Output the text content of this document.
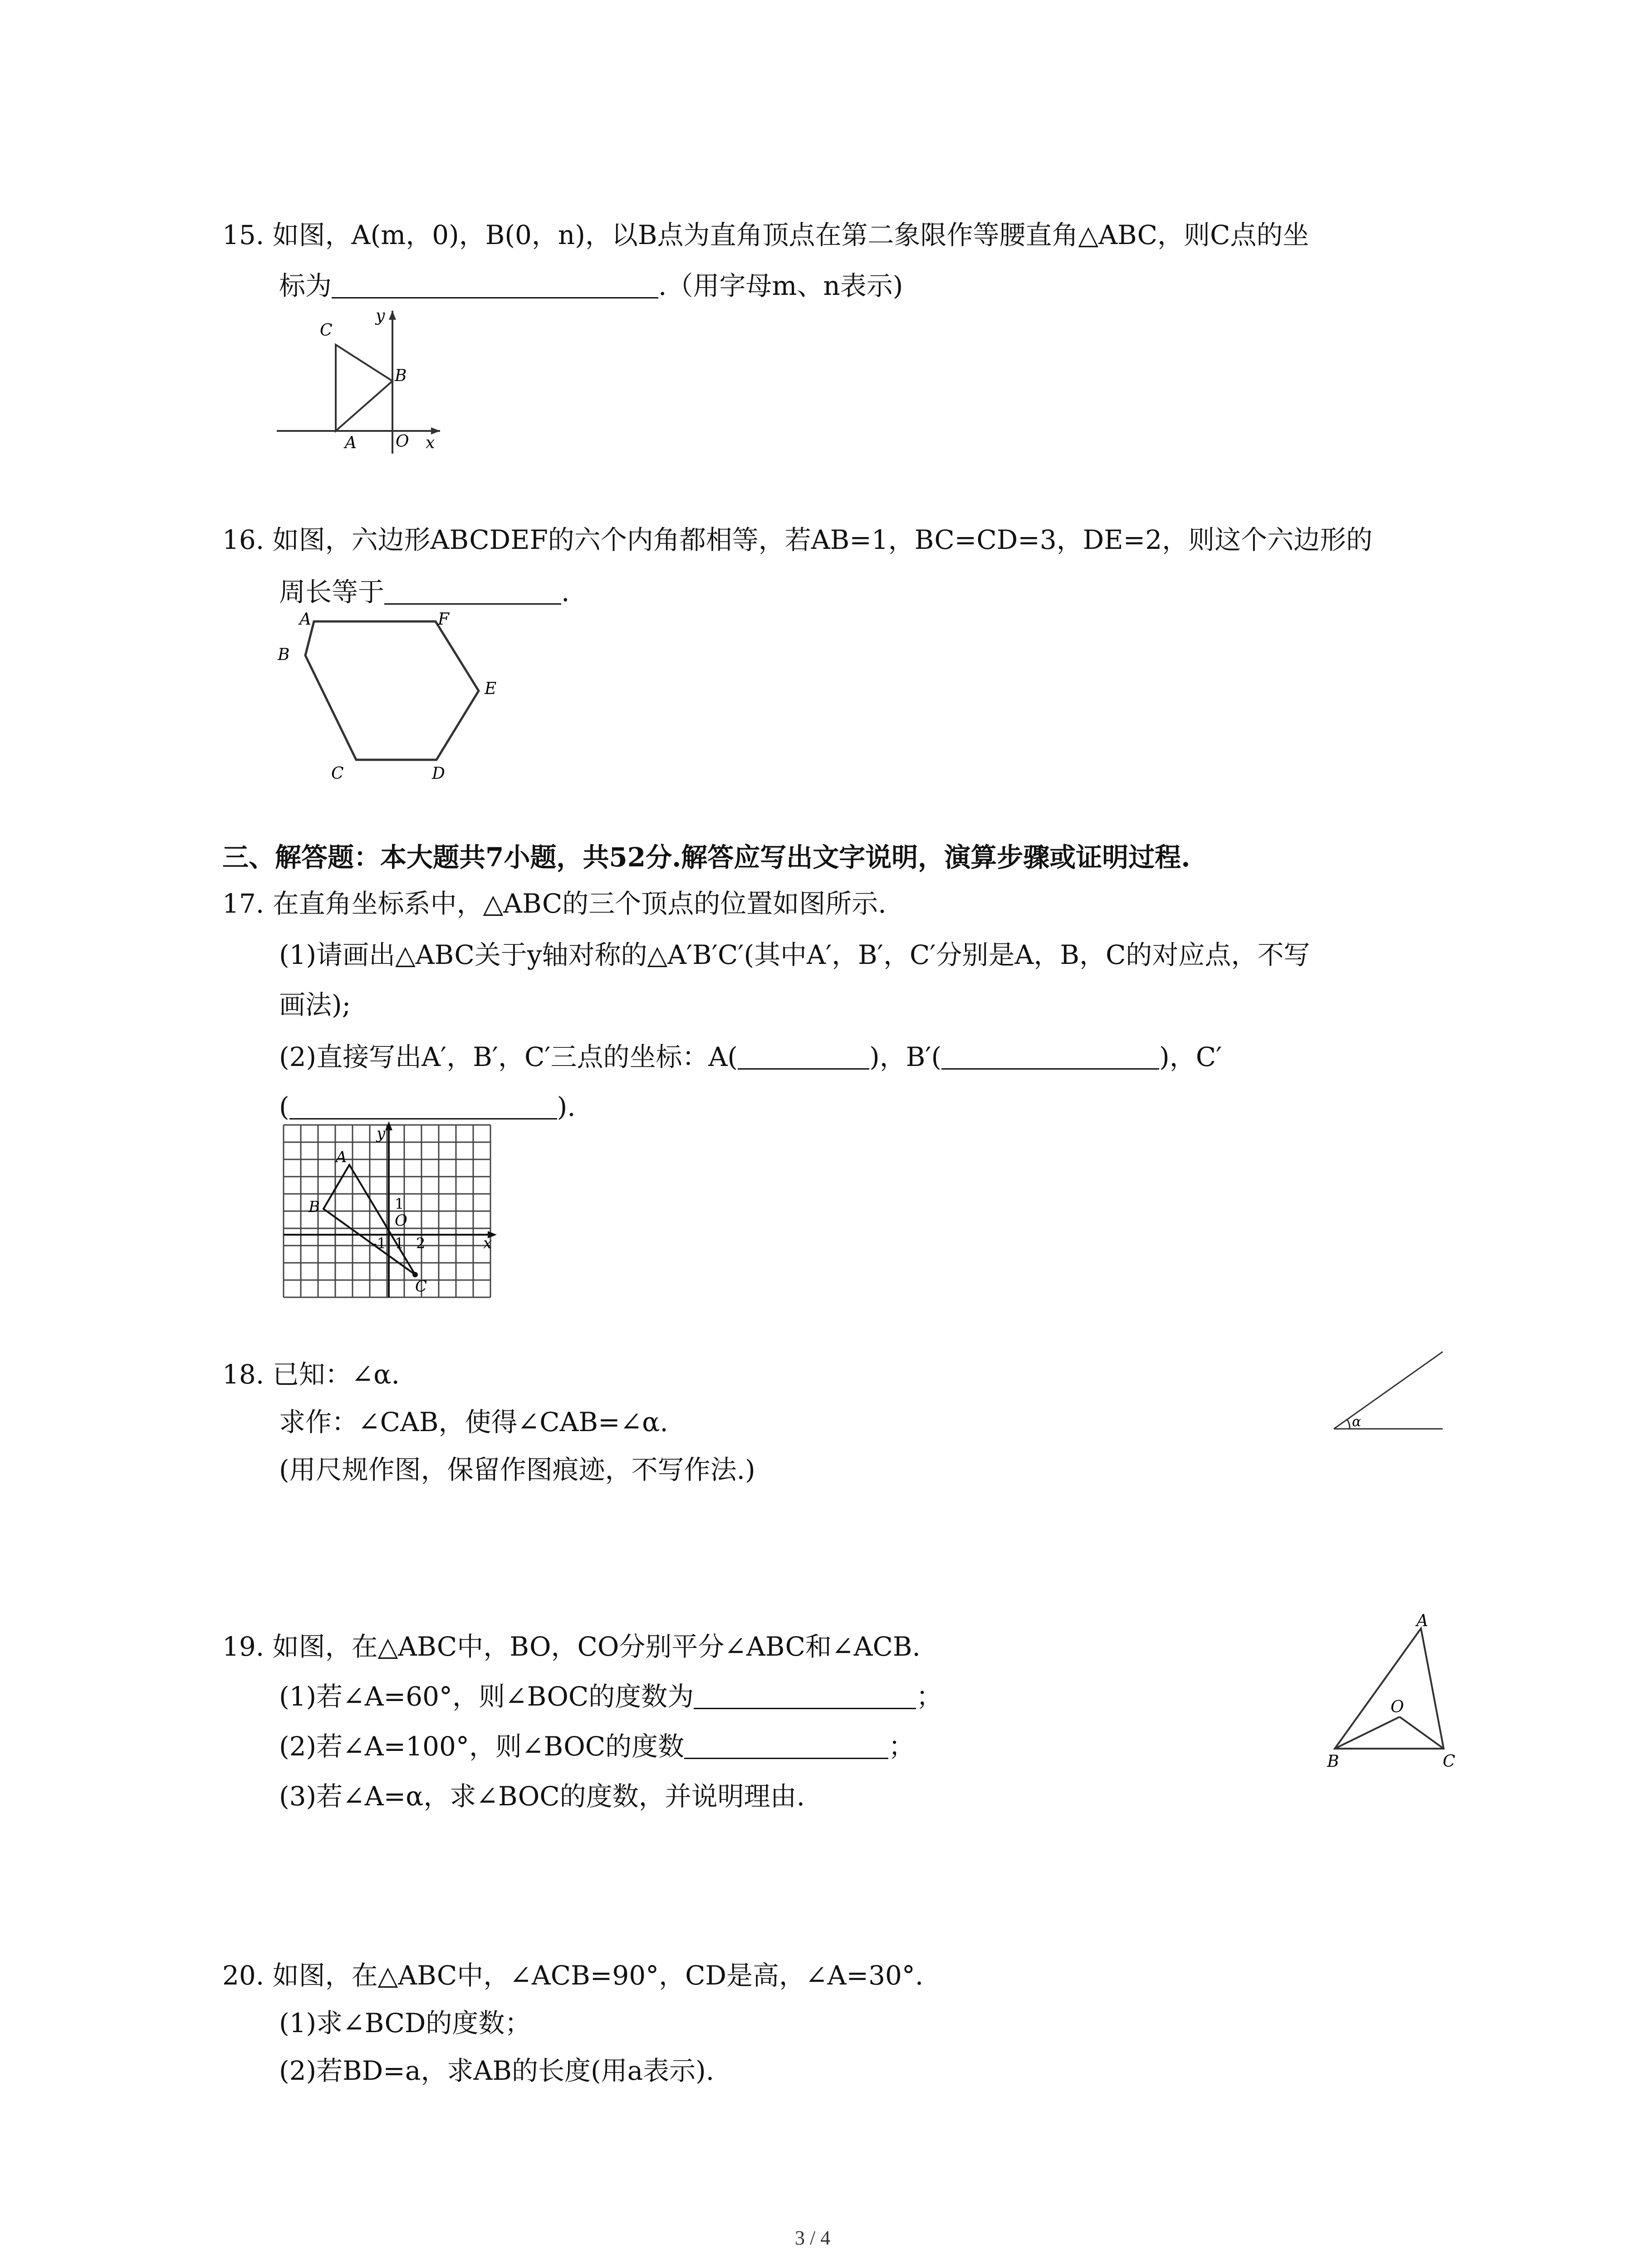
15. 如图，A(m，0)，B(0，n)，以B点为直角顶点在第二象限作等腰直角△ABC，则C点的坐
标为	.（用字母m、n表示)
C
B
A O x
y
16. 如图，六边形ABCDEF的六个内角都相等，若AB=1，BC=CD=3，DE=2，则这个六边形的
周长等于	.
A
B
C	D
E
F
三、解答题：本大题共7小题，共52分.解答应写出文字说明，演算步骤或证明过程.
17. 在直角坐标系中，△ABC的三个顶点的位置如图所示.
(1)请画出△ABC关于y轴对称的△A′B′C′(其中A′，B′，C′分别是A，B，C的对应点，不写
画法);
(2)直接写出A′，B′，C′三点的坐标：A(	)，B′(	)，C′
(	).
A
B
C
O
x
y
1
-1 1 2
18. 已知：∠α.
求作：∠CAB，使得∠CAB=∠α.
(用尺规作图，保留作图痕迹，不写作法.)
α
19. 如图，在△ABC中，BO，CO分别平分∠ABC和∠ACB.
(1)若∠A=60°，则∠BOC的度数为	；
(2)若∠A=100°，则∠BOC的度数	；
(3)若∠A=α，求∠BOC的度数，并说明理由.
A
B	C
O
20. 如图，在△ABC中，∠ACB=90°，CD是高，∠A=30°.
(1)求∠BCD的度数；
(2)若BD=a，求AB的长度(用a表示).
3 / 4
